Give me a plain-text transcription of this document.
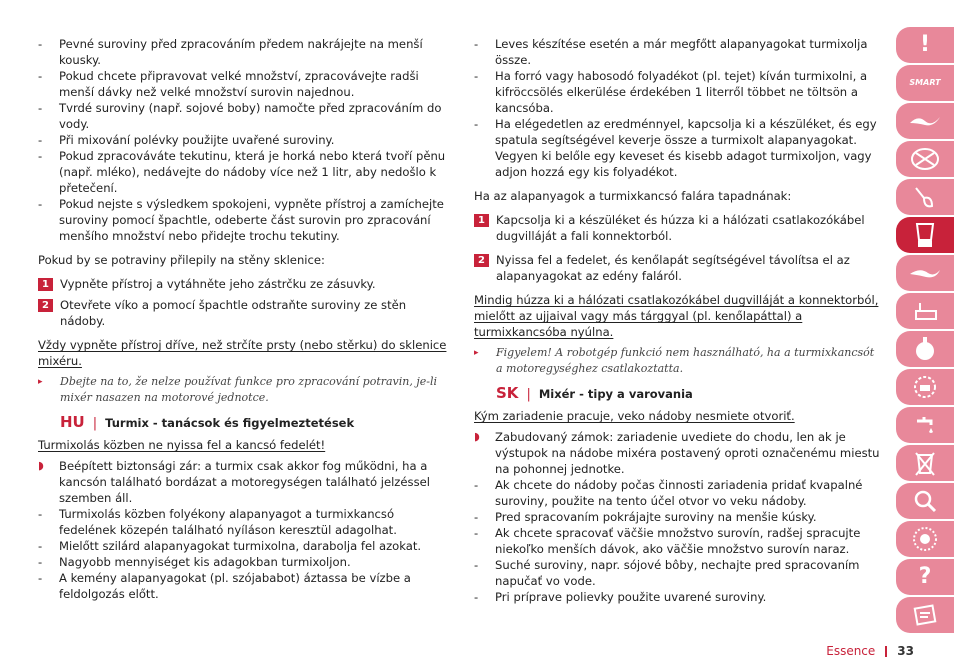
- Pevné suroviny před zpracováním předem nakrájejte na menší kousky.

- Pokud chcete připravovat velké množství, zpracovávejte radši menší dávky než velké množství surovin najednou.

- Tvrdé suroviny (např. sojové boby) namočte před zpracováním do vody.

- Při mixování polévky použijte uvařené suroviny.

- Pokud zpracováváte tekutinu, která je horká nebo která tvoří pěnu (např. mléko), nedávejte do nádoby více než 1 litr, aby nedošlo k přetečení.

- Pokud nejste s výsledkem spokojeni, vypněte přístroj a zamíchejte suroviny pomocí špachtle, odeberte část surovin pro zpracování menšího množství nebo přidejte trochu tekutiny.

Pokud by se potraviny přilepily na stěny sklenice:

1 Vypněte přístroj a vytáhněte jeho zástrčku ze zásuvky.
2 Otevřete víko a pomocí špachtle odstraňte suroviny ze stěn nádoby.

Vždy vypněte přístroj dříve, než strčíte prsty (nebo stěrku) do sklenice mixéru.

▸	Dbejte na to, že nelze používat funkce pro zpracování potravin, je-li mixér nasazen na motorové jednotce.
HU | Turmix - tanácsok és figyelmeztetések

Turmixolás közben ne nyissa fel a kancsó fedelét!

◗	Beépített biztonsági zár: a turmix csak akkor fog működni, ha a kancsón található bordázat a motoregységen található jelzéssel szemben áll.

- Turmixolás közben folyékony alapanyagot a turmixkancsó fedelének közepén található nyíláson keresztül adagolhat.

- Mielőtt szilárd alapanyagokat turmixolna, darabolja fel azokat.

- Nagyobb mennyiséget kis adagokban turmixoljon.

- A kemény alapanyagokat (pl. szójababot) áztassa be vízbe a feldolgozás előtt.

- Leves készítése esetén a már megfőtt alapanyagokat turmixolja össze.

- Ha forró vagy habosodó folyadékot (pl. tejet) kíván turmixolni, a kifröccsölés elkerülése érdekében 1 literről többet ne töltsön a kancsóba.

- Ha elégedetlen az eredménnyel, kapcsolja ki a készüléket, és egy spatula segítségével keverje össze a turmixolt alapanyagokat. Vegyen ki belőle egy keveset és kisebb adagot turmixoljon, vagy adjon hozzá egy kis folyadékot.

Ha az alapanyagok a turmixkancsó falára tapadnának:

1 Kapcsolja ki a készüléket és húzza ki a hálózati csatlakozókábel dugvilláját a fali konnektorból.
2 Nyissa fel a fedelet, és kenőlapát segítségével távolítsa el az alapanyagokat az edény faláról.

Mindig húzza ki a hálózati csatlakozókábel dugvilláját a konnektorból, mielőtt az ujjaival vagy más tárggyal (pl. kenőlapáttal) a turmixkancsóba nyúlna.

▸	Figyelem! A robotgép funkció nem használható, ha a turmixkancsót a motoregységhez csatlakoztatta.
SK | Mixér - tipy a varovania

Kým zariadenie pracuje, veko nádoby nesmiete otvoriť.

◗	Zabudovaný zámok: zariadenie uvediete do chodu, len ak je výstupok na nádobe mixéra postavený oproti označenému miestu na pohonnej jednotke.

- Ak chcete do nádoby počas činnosti zariadenia pridať kvapalné suroviny, použite na tento účel otvor vo veku nádoby.

- Pred spracovaním pokrájajte suroviny na menšie kúsky.

- Ak chcete spracovať väčšie množstvo surovín, radšej spracujte niekoľko menších dávok, ako väčšie množstvo surovín naraz.

- Suché suroviny, napr. sójové bôby, nechajte pred spracovaním napučať vo vode.

- Pri príprave polievky použite uvarené suroviny.

!
SMART
?
Essence 33
